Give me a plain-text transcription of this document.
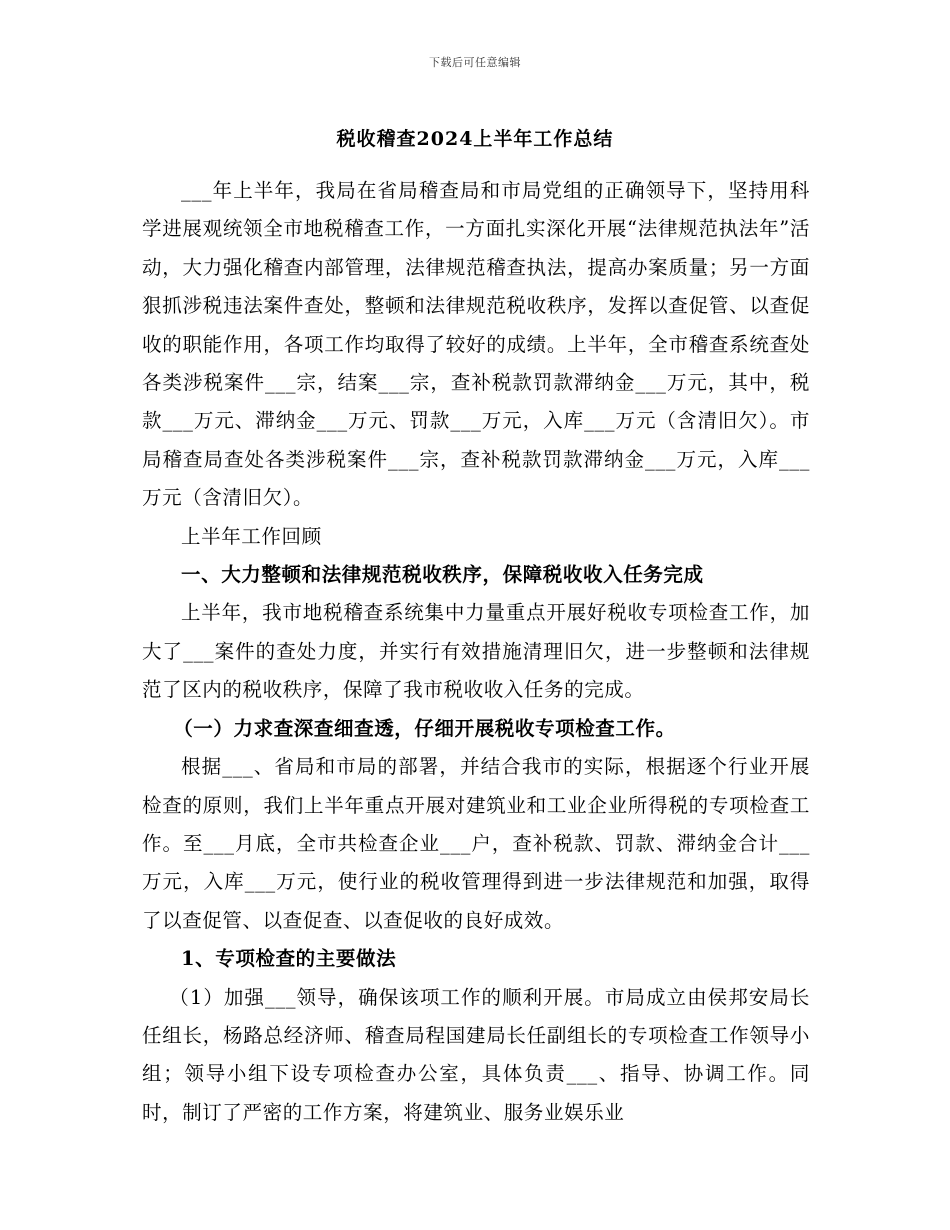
下载后可任意编辑
税收稽查2024上半年工作总结

___年上半年，我局在省局稽查局和市局党组的正确领导下，坚持用科学进展观统领全市地税稽查工作，一方面扎实深化开展“法律规范执法年”活动，大力强化稽查内部管理，法律规范稽查执法，提高办案质量；另一方面狠抓涉税违法案件查处，整顿和法律规范税收秩序，发挥以查促管、以查促收的职能作用，各项工作均取得了较好的成绩。上半年，全市稽查系统查处各类涉税案件___宗，结案___宗，查补税款罚款滞纳金___万元，其中，税款___万元、滞纳金___万元、罚款___万元，入库___万元（含清旧欠）。市局稽查局查处各类涉税案件___宗，查补税款罚款滞纳金___万元，入库___万元（含清旧欠）。

上半年工作回顾

一、大力整顿和法律规范税收秩序，保障税收收入任务完成

上半年，我市地税稽查系统集中力量重点开展好税收专项检查工作，加大了___案件的查处力度，并实行有效措施清理旧欠，进一步整顿和法律规范了区内的税收秩序，保障了我市税收收入任务的完成。

（一）力求查深查细查透，仔细开展税收专项检查工作。

根据___、省局和市局的部署，并结合我市的实际，根据逐个行业开展检查的原则，我们上半年重点开展对建筑业和工业企业所得税的专项检查工作。至___月底，全市共检查企业___户，查补税款、罚款、滞纳金合计___万元，入库___万元，使行业的税收管理得到进一步法律规范和加强，取得了以查促管、以查促查、以查促收的良好成效。

1、专项检查的主要做法

（1）加强___领导，确保该项工作的顺利开展。市局成立由侯邦安局长任组长，杨路总经济师、稽查局程国建局长任副组长的专项检查工作领导小组；领导小组下设专项检查办公室，具体负责___、指导、协调工作。同时，制订了严密的工作方案，将建筑业、服务业娱乐业
